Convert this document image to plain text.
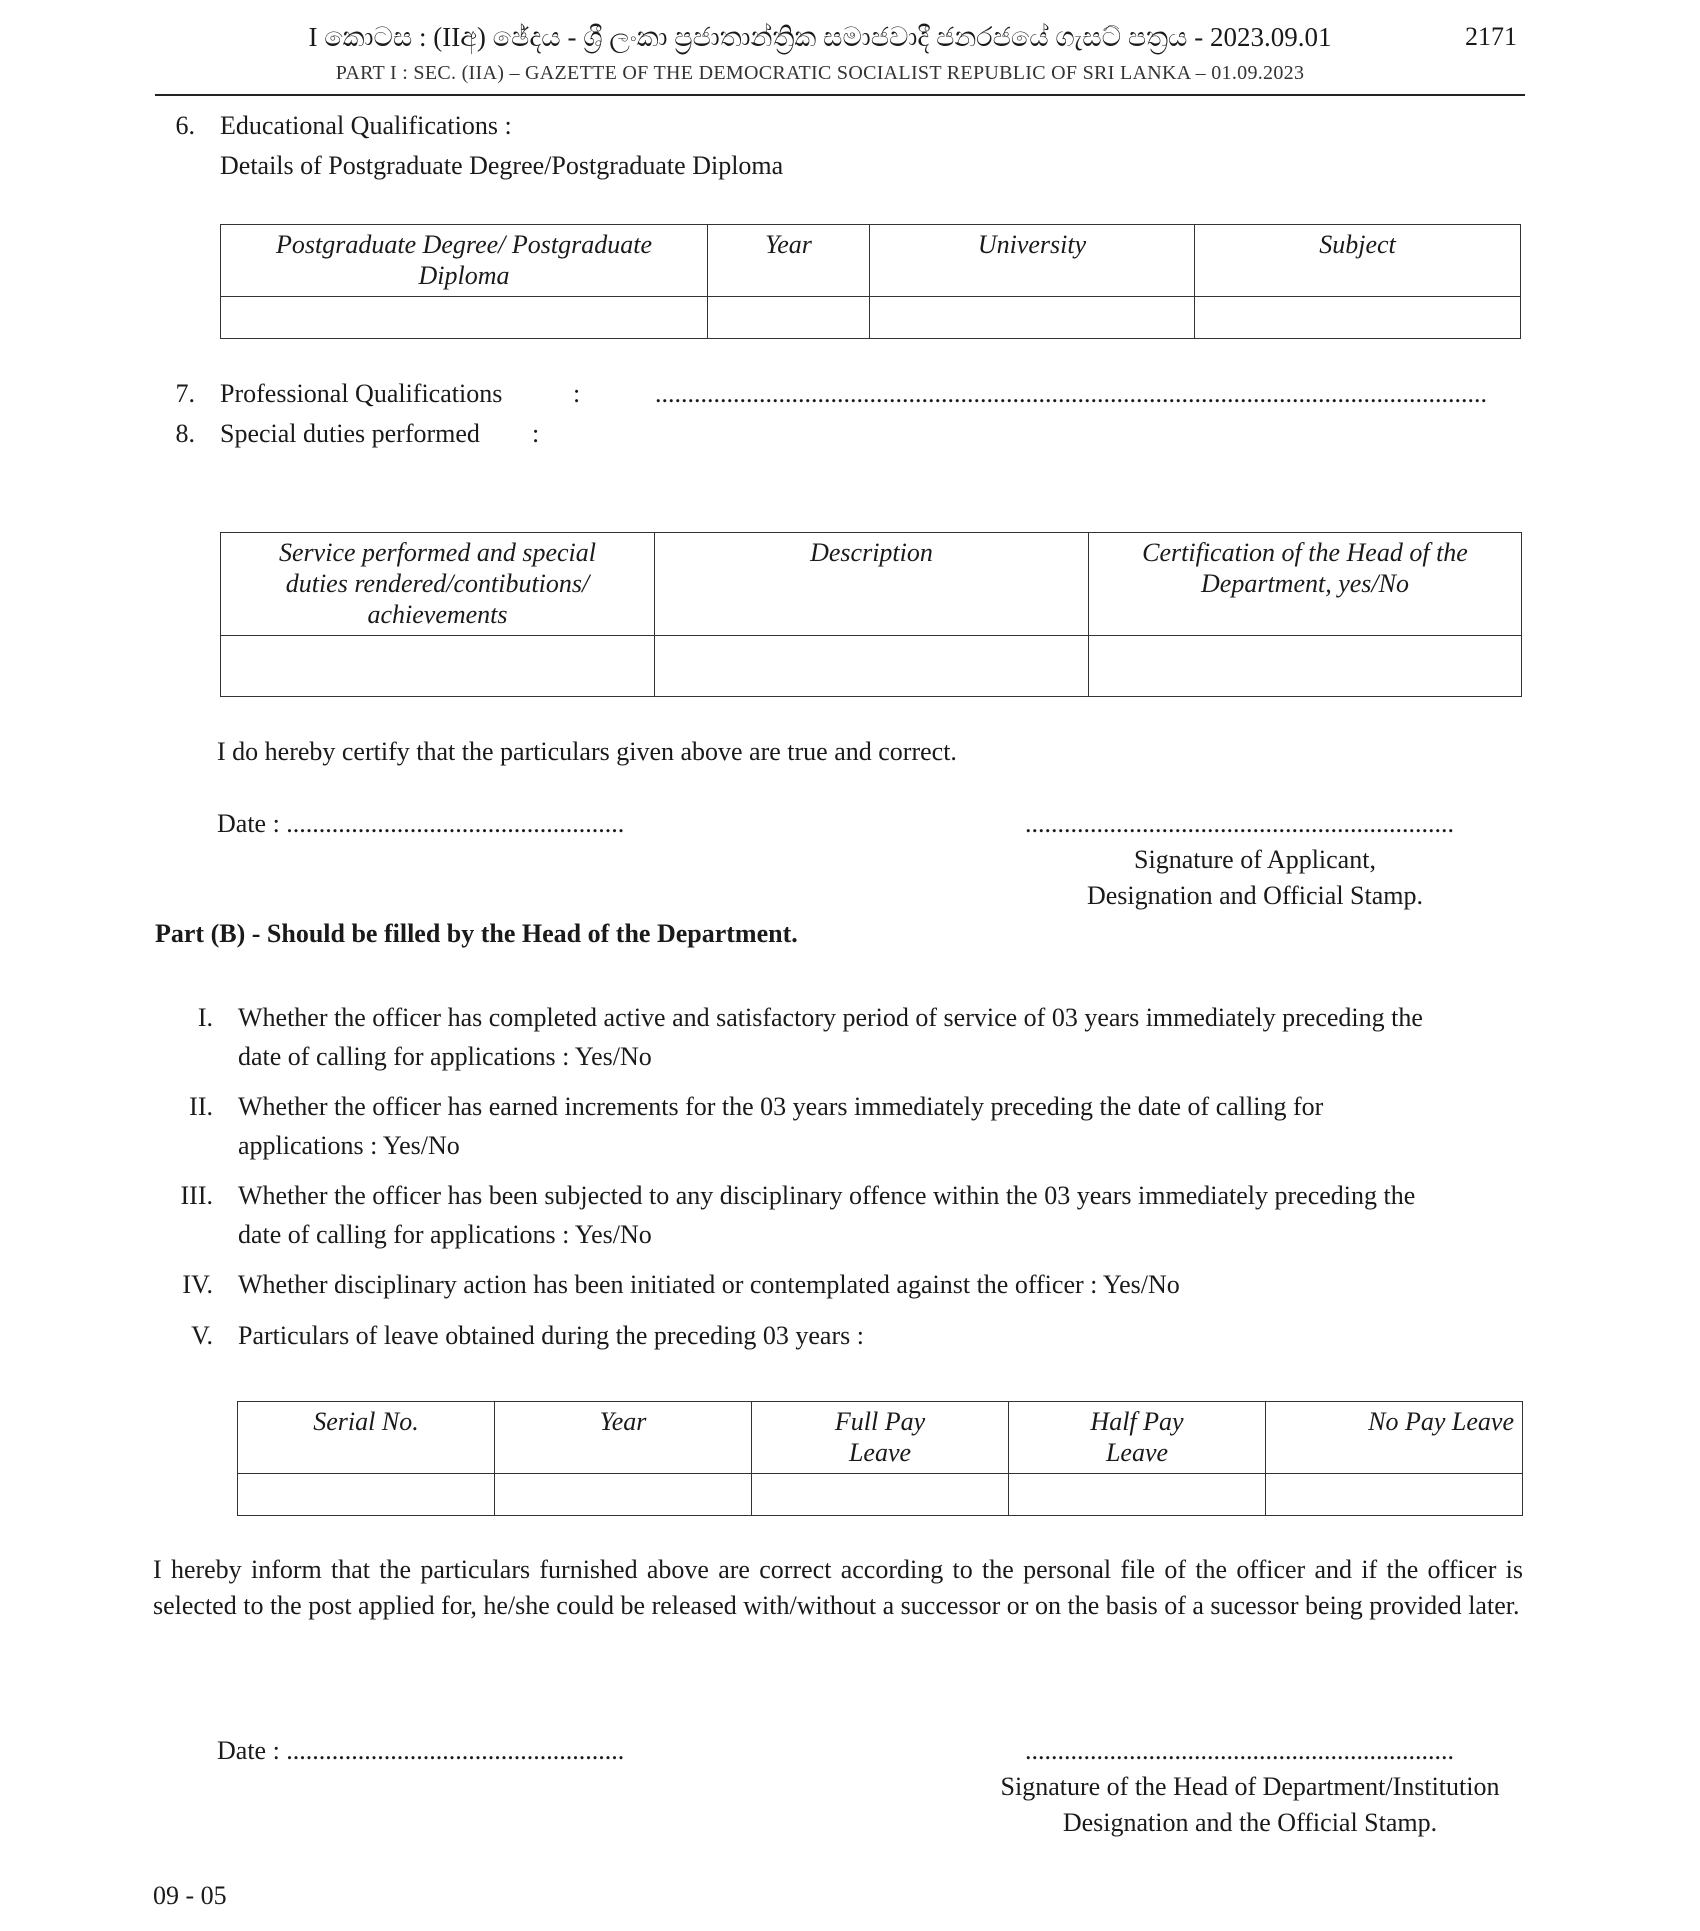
I කොටස : (IIඅ) ඡේදය - ශ්‍රී ලංකා ප්‍රජාතාන්ත්‍රික සමාජවාදී ජනරජයේ ගැසට් පත්‍රය - 2023.09.01	2171
PART I : SEC. (IIA) – GAZETTE OF THE DEMOCRATIC SOCIALIST REPUBLIC OF SRI LANKA – 01.09.2023
6. Educational Qualifications :
Details of Postgraduate Degree/Postgraduate Diploma
Postgraduate Degree/ Postgraduate Diploma	Year	University	Subject

7. Professional Qualifications	:	................................................................................................................................
8. Special duties performed :
Service performed and special duties rendered/contibutions/ achievements	Description	Certification of the Head of the Department, yes/No

I do hereby certify that the particulars given above are true and correct.
Date : ....................................................	..................................................................
Signature of Applicant,
Designation and Official Stamp.
Part (B) - Should be filled by the Head of the Department.
I. Whether the officer has completed active and satisfactory period of service of 03 years immediately preceding the
date of calling for applications : Yes/No
II. Whether the officer has earned increments for the 03 years immediately preceding the date of calling for
applications : Yes/No
III. Whether the officer has been subjected to any disciplinary offence within the 03 years immediately preceding the
date of calling for applications : Yes/No
IV. Whether disciplinary action has been initiated or contemplated against the officer : Yes/No
V. Particulars of leave obtained during the preceding 03 years :
Serial No.	Year	Full Pay Leave	Half Pay Leave	No Pay Leave

I hereby inform that the particulars furnished above are correct according to the personal file of the officer and if the officer is selected to the post applied for, he/she could be released with/without a successor or on the basis of a sucessor being provided later.
Date : ....................................................	..................................................................
Signature of the Head of Department/Institution
Designation and the Official Stamp.
09 - 05
